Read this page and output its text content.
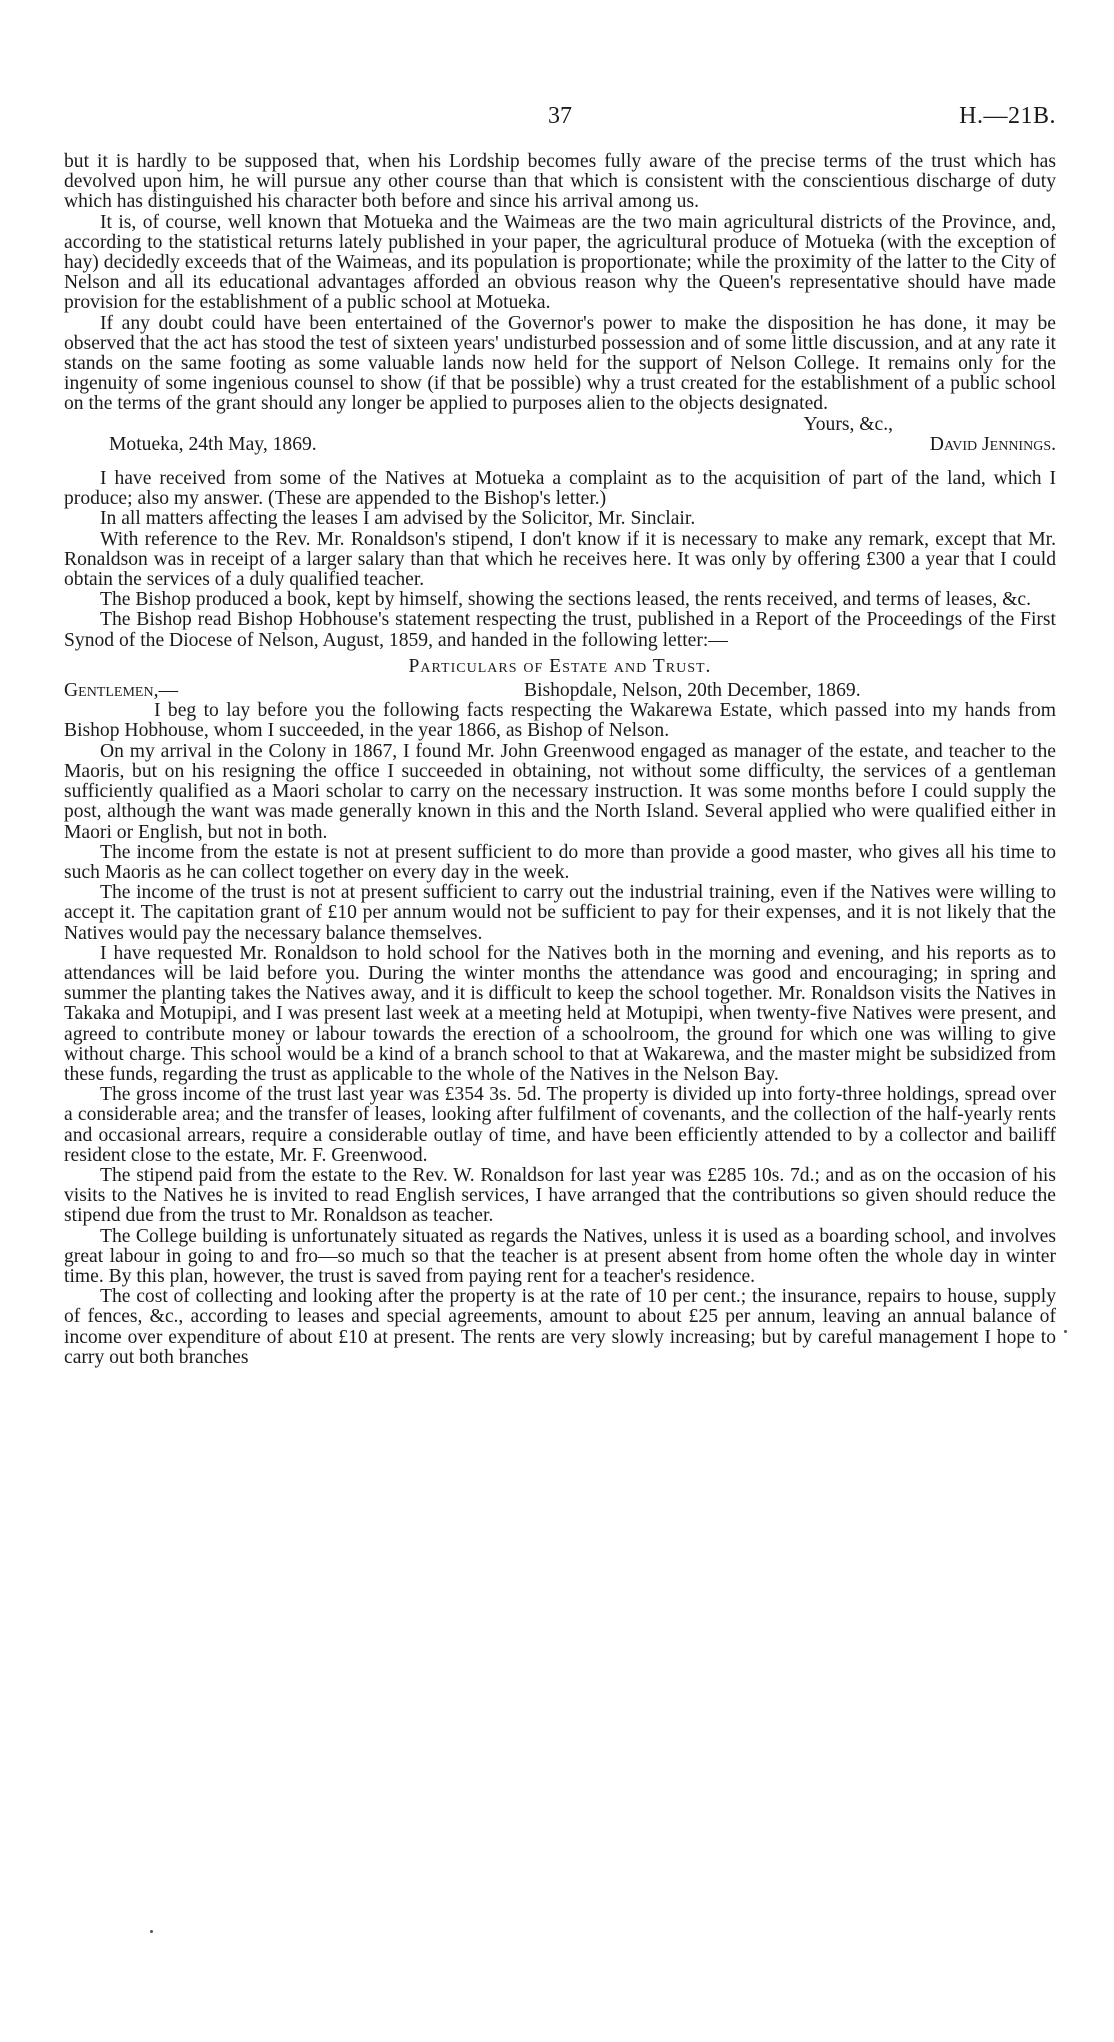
37	H.—21B.

but it is hardly to be supposed that, when his Lordship becomes fully aware of the precise terms of the trust which has devolved upon him, he will pursue any other course than that which is consistent with the conscientious discharge of duty which has distinguished his character both before and since his arrival among us.

It is, of course, well known that Motueka and the Waimeas are the two main agricultural districts of the Province, and, according to the statistical returns lately published in your paper, the agricultural produce of Motueka (with the exception of hay) decidedly exceeds that of the Waimeas, and its population is proportionate; while the proximity of the latter to the City of Nelson and all its educational advantages afforded an obvious reason why the Queen's representative should have made provision for the establishment of a public school at Motueka.

If any doubt could have been entertained of the Governor's power to make the disposition he has done, it may be observed that the act has stood the test of sixteen years' undisturbed possession and of some little discussion, and at any rate it stands on the same footing as some valuable lands now held for the support of Nelson College. It remains only for the ingenuity of some ingenious counsel to show (if that be possible) why a trust created for the establishment of a public school on the terms of the grant should any longer be applied to purposes alien to the objects designated.

Yours, &c.,
Motueka, 24th May, 1869.	David Jennings.

I have received from some of the Natives at Motueka a complaint as to the acquisition of part of the land, which I produce; also my answer. (These are appended to the Bishop's letter.)

In all matters affecting the leases I am advised by the Solicitor, Mr. Sinclair.

With reference to the Rev. Mr. Ronaldson's stipend, I don't know if it is necessary to make any remark, except that Mr. Ronaldson was in receipt of a larger salary than that which he receives here. It was only by offering £300 a year that I could obtain the services of a duly qualified teacher.

The Bishop produced a book, kept by himself, showing the sections leased, the rents received, and terms of leases, &c.

The Bishop read Bishop Hobhouse's statement respecting the trust, published in a Report of the Proceedings of the First Synod of the Diocese of Nelson, August, 1859, and handed in the following letter:—

Particulars of Estate and Trust.
Gentlemen,—	Bishopdale, Nelson, 20th December, 1869.

I beg to lay before you the following facts respecting the Wakarewa Estate, which passed into my hands from Bishop Hobhouse, whom I succeeded, in the year 1866, as Bishop of Nelson.

On my arrival in the Colony in 1867, I found Mr. John Greenwood engaged as manager of the estate, and teacher to the Maoris, but on his resigning the office I succeeded in obtaining, not without some difficulty, the services of a gentleman sufficiently qualified as a Maori scholar to carry on the necessary instruction. It was some months before I could supply the post, although the want was made generally known in this and the North Island. Several applied who were qualified either in Maori or English, but not in both.

The income from the estate is not at present sufficient to do more than provide a good master, who gives all his time to such Maoris as he can collect together on every day in the week.

The income of the trust is not at present sufficient to carry out the industrial training, even if the Natives were willing to accept it. The capitation grant of £10 per annum would not be sufficient to pay for their expenses, and it is not likely that the Natives would pay the necessary balance themselves.

I have requested Mr. Ronaldson to hold school for the Natives both in the morning and evening, and his reports as to attendances will be laid before you. During the winter months the attendance was good and encouraging; in spring and summer the planting takes the Natives away, and it is difficult to keep the school together. Mr. Ronaldson visits the Natives in Takaka and Motupipi, and I was present last week at a meeting held at Motupipi, when twenty-five Natives were present, and agreed to contribute money or labour towards the erection of a schoolroom, the ground for which one was willing to give without charge. This school would be a kind of a branch school to that at Wakarewa, and the master might be subsidized from these funds, regarding the trust as applicable to the whole of the Natives in the Nelson Bay.

The gross income of the trust last year was £354 3s. 5d. The property is divided up into forty-three holdings, spread over a considerable area; and the transfer of leases, looking after fulfilment of covenants, and the collection of the half-yearly rents and occasional arrears, require a considerable outlay of time, and have been efficiently attended to by a collector and bailiff resident close to the estate, Mr. F. Greenwood.

The stipend paid from the estate to the Rev. W. Ronaldson for last year was £285 10s. 7d.; and as on the occasion of his visits to the Natives he is invited to read English services, I have arranged that the contributions so given should reduce the stipend due from the trust to Mr. Ronaldson as teacher.

The College building is unfortunately situated as regards the Natives, unless it is used as a boarding school, and involves great labour in going to and fro—so much so that the teacher is at present absent from home often the whole day in winter time. By this plan, however, the trust is saved from paying rent for a teacher's residence.

The cost of collecting and looking after the property is at the rate of 10 per cent.; the insurance, repairs to house, supply of fences, &c., according to leases and special agreements, amount to about £25 per annum, leaving an annual balance of income over expenditure of about £10 at present. The rents are very slowly increasing; but by careful management I hope to carry out both branches
